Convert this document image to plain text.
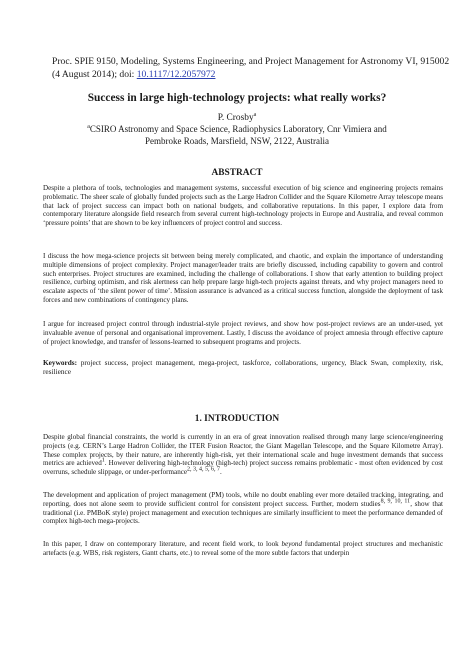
Proc. SPIE 9150, Modeling, Systems Engineering, and Project Management for Astronomy VI, 915002 (4 August 2014); doi: 10.1117/12.2057972
Success in large high-technology projects: what really works?
P. Crosby$^a$
$^a$CSIRO Astronomy and Space Science, Radiophysics Laboratory, Cnr Vimiera and
Pembroke Roads, Marsfield, NSW, 2122, Australia
ABSTRACT
Despite a plethora of tools, technologies and management systems, successful execution of big science and engineering projects remains problematic. The sheer scale of globally funded projects such as the Large Hadron Collider and the Square Kilometre Array telescope means that lack of project success can impact both on national budgets, and collaborative reputations. In this paper, I explore data from contemporary literature alongside field research from several current high-technology projects in Europe and Australia, and reveal common ‘pressure points’ that are shown to be key influencers of project control and success.
I discuss the how mega-science projects sit between being merely complicated, and chaotic, and explain the importance of understanding multiple dimensions of project complexity. Project manager/leader traits are briefly discussed, including capability to govern and control such enterprises. Project structures are examined, including the challenge of collaborations. I show that early attention to building project resilience, curbing optimism, and risk alertness can help prepare large high-tech projects against threats, and why project managers need to escalate aspects of ‘the silent power of time’. Mission assurance is advanced as a critical success function, alongside the deployment of task forces and new combinations of contingency plans.
I argue for increased project control through industrial-style project reviews, and show how post-project reviews are an under-used, yet invaluable avenue of personal and organisational improvement. Lastly, I discuss the avoidance of project amnesia through effective capture of project knowledge, and transfer of lessons-learned to subsequent programs and projects.
Keywords: project success, project management, mega-project, taskforce, collaborations, urgency, Black Swan, complexity, risk, resilience
1. INTRODUCTION
Despite global financial constraints, the world is currently in an era of great innovation realised through many large science/engineering projects (e.g. CERN’s Large Hadron Collider, the ITER Fusion Reactor, the Giant Magellan Telescope, and the Square Kilometre Array). These complex projects, by their nature, are inherently high-risk, yet their international scale and huge investment demands that success metrics are achieved$^1$. However delivering high-technology (high-tech) project success remains problematic - most often evidenced by cost overruns, schedule slippage, or under-performance$^{2, 3, 4, 5, 6, 7}$.
The development and application of project management (PM) tools, while no doubt enabling ever more detailed tracking, integrating, and reporting, does not alone seem to provide sufficient control for consistent project success. Further, modern studies$^{8, 9, 10, 11}$, show that traditional (i.e. PMBoK style) project management and execution techniques are similarly insufficient to meet the performance demanded of complex high-tech mega-projects.
In this paper, I draw on contemporary literature, and recent field work, to look beyond fundamental project structures and mechanistic artefacts (e.g. WBS, risk registers, Gantt charts, etc.) to reveal some of the more subtle factors that underpin
